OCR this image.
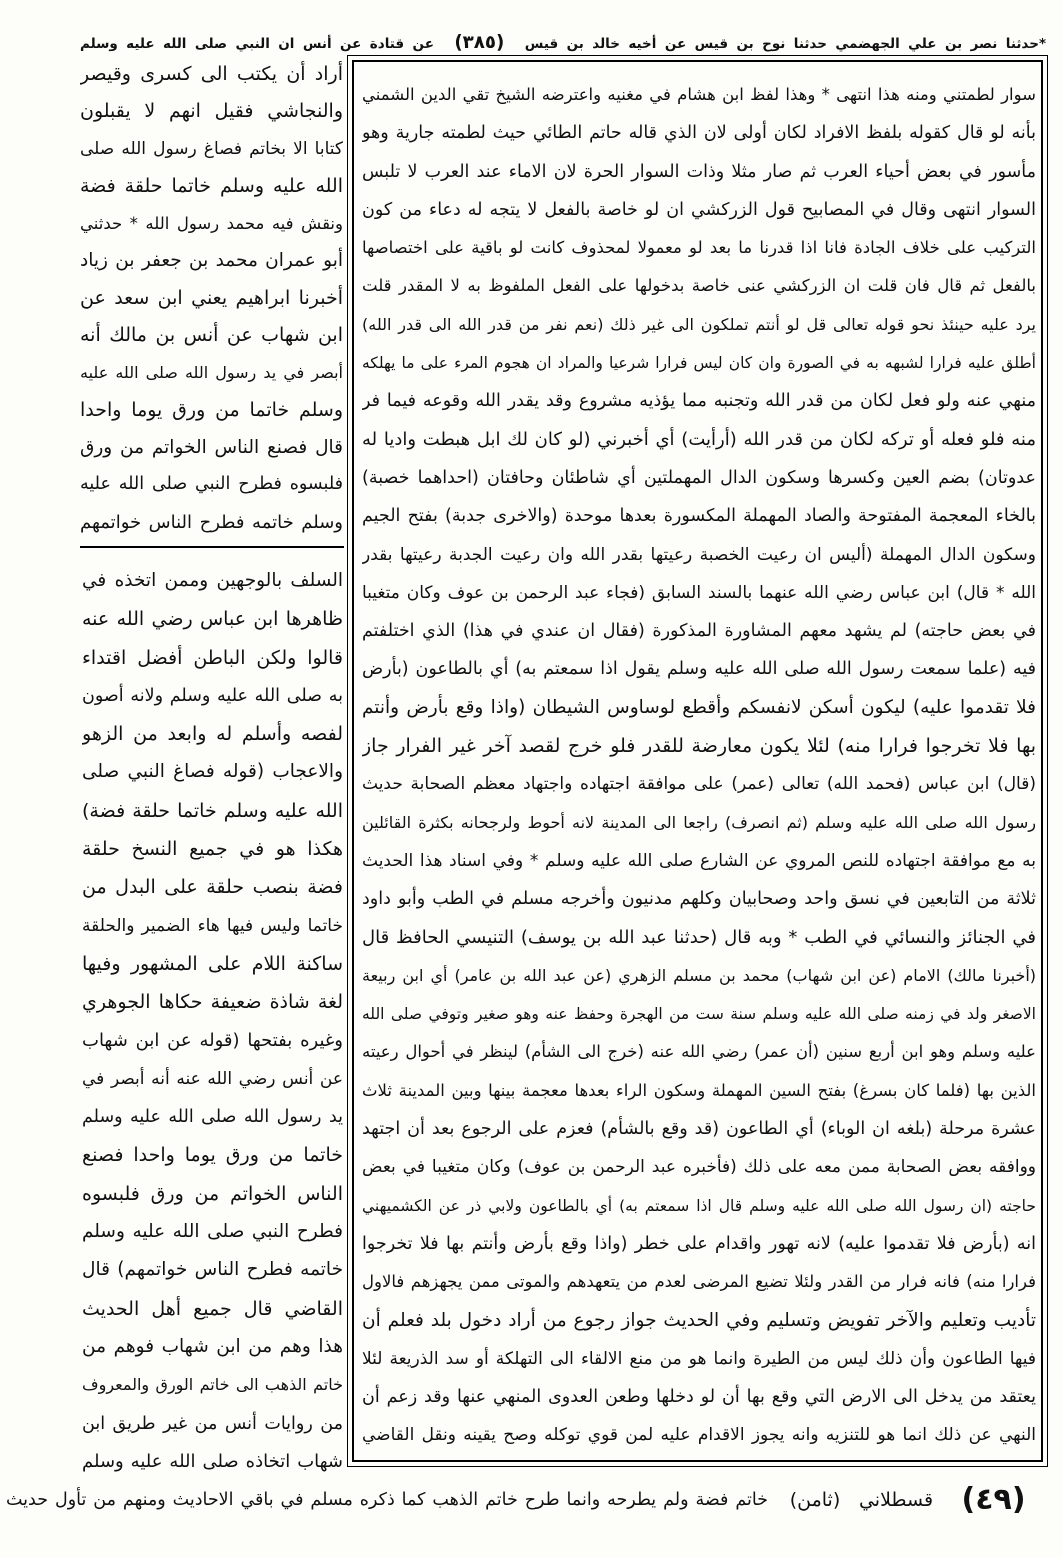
*حدثنا نصر بن علي الجهضمي حدثنا نوح بن قيس عن أخيه خالد بن قيس (٣٨٥) عن قتادة عن أنس ان النبي صلى الله عليه وسلم
سوار لطمتني ومنه هذا انتهى * وهذا لفظ ابن هشام في مغنيه واعترضه الشيخ تقي الدين الشمني
بأنه لو قال كقوله بلفظ الافراد لكان أولى لان الذي قاله حاتم الطائي حيث لطمته جارية وهو
مأسور في بعض أحياء العرب ثم صار مثلا وذات السوار الحرة لان الاماء عند العرب لا تلبس
السوار انتهى وقال في المصابيح قول الزركشي ان لو خاصة بالفعل لا يتجه له دعاء من كون
التركيب على خلاف الجادة فانا اذا قدرنا ما بعد لو معمولا لمحذوف كانت لو باقية على اختصاصها
بالفعل ثم قال فان قلت ان الزركشي عنى خاصة بدخولها على الفعل الملفوظ به لا المقدر قلت
يرد عليه حينئذ نحو قوله تعالى قل لو أنتم تملكون الى غير ذلك (نعم نفر من قدر الله الى قدر الله)
أطلق عليه فرارا لشبهه به في الصورة وان كان ليس فرارا شرعيا والمراد ان هجوم المرء على ما يهلكه
منهي عنه ولو فعل لكان من قدر الله وتجنبه مما يؤذيه مشروع وقد يقدر الله وقوعه فيما فر
منه فلو فعله أو تركه لكان من قدر الله (أرأيت) أي أخبرني (لو كان لك ابل هبطت واديا له
عدوتان) بضم العين وكسرها وسكون الدال المهملتين أي شاطئان وحافتان (احداهما خصبة)
بالخاء المعجمة المفتوحة والصاد المهملة المكسورة بعدها موحدة (والاخرى جدبة) بفتح الجيم
وسكون الدال المهملة (أليس ان رعيت الخصبة رعيتها بقدر الله وان رعيت الجدبة رعيتها بقدر
الله * قال) ابن عباس رضي الله عنهما بالسند السابق (فجاء عبد الرحمن بن عوف وكان متغيبا
في بعض حاجته) لم يشهد معهم المشاورة المذكورة (فقال ان عندي في هذا) الذي اختلفتم
فيه (علما سمعت رسول الله صلى الله عليه وسلم يقول اذا سمعتم به) أي بالطاعون (بأرض
فلا تقدموا عليه) ليكون أسكن لانفسكم وأقطع لوساوس الشيطان (واذا وقع بأرض وأنتم
بها فلا تخرجوا فرارا منه) لئلا يكون معارضة للقدر فلو خرج لقصد آخر غير الفرار جاز
(قال) ابن عباس (فحمد الله) تعالى (عمر) على موافقة اجتهاده واجتهاد معظم الصحابة حديث
رسول الله صلى الله عليه وسلم (ثم انصرف) راجعا الى المدينة لانه أحوط ولرجحانه بكثرة القائلين
به مع موافقة اجتهاده للنص المروي عن الشارع صلى الله عليه وسلم * وفي اسناد هذا الحديث
ثلاثة من التابعين في نسق واحد وصحابيان وكلهم مدنيون وأخرجه مسلم في الطب وأبو داود
في الجنائز والنسائي في الطب * وبه قال (حدثنا عبد الله بن يوسف) التنيسي الحافظ قال
(أخبرنا مالك) الامام (عن ابن شهاب) محمد بن مسلم الزهري (عن عبد الله بن عامر) أي ابن ربيعة
الاصغر ولد في زمنه صلى الله عليه وسلم سنة ست من الهجرة وحفظ عنه وهو صغير وتوفي صلى الله
عليه وسلم وهو ابن أربع سنين (أن عمر) رضي الله عنه (خرج الى الشأم) لينظر في أحوال رعيته
الذين بها (فلما كان بسرغ) بفتح السين المهملة وسكون الراء بعدها معجمة بينها وبين المدينة ثلاث
عشرة مرحلة (بلغه ان الوباء) أي الطاعون (قد وقع بالشأم) فعزم على الرجوع بعد أن اجتهد
ووافقه بعض الصحابة ممن معه على ذلك (فأخبره عبد الرحمن بن عوف) وكان متغيبا في بعض
حاجته (ان رسول الله صلى الله عليه وسلم قال اذا سمعتم به) أي بالطاعون ولابي ذر عن الكشميهني
انه (بأرض فلا تقدموا عليه) لانه تهور واقدام على خطر (واذا وقع بأرض وأنتم بها فلا تخرجوا
فرارا منه) فانه فرار من القدر ولئلا تضيع المرضى لعدم من يتعهدهم والموتى ممن يجهزهم فالاول
تأديب وتعليم والآخر تفويض وتسليم وفي الحديث جواز رجوع من أراد دخول بلد فعلم أن
فيها الطاعون وأن ذلك ليس من الطيرة وانما هو من منع الالقاء الى التهلكة أو سد الذريعة لئلا
يعتقد من يدخل الى الارض التي وقع بها أن لو دخلها وطعن العدوى المنهي عنها وقد زعم أن
النهي عن ذلك انما هو للتنزيه وانه يجوز الاقدام عليه لمن قوي توكله وصح يقينه ونقل القاضي
أراد أن يكتب الى كسرى وقيصر
والنجاشي فقيل انهم لا يقبلون
كتابا الا بخاتم فصاغ رسول الله صلى
الله عليه وسلم خاتما حلقة فضة
ونقش فيه محمد رسول الله * حدثني
أبو عمران محمد بن جعفر بن زياد
أخبرنا ابراهيم يعني ابن سعد عن
ابن شهاب عن أنس بن مالك أنه
أبصر في يد رسول الله صلى الله عليه
وسلم خاتما من ورق يوما واحدا
قال فصنع الناس الخواتم من ورق
فلبسوه فطرح النبي صلى الله عليه
وسلم خاتمه فطرح الناس خواتمهم
السلف بالوجهين وممن اتخذه في
ظاهرها ابن عباس رضي الله عنه
قالوا ولكن الباطن أفضل اقتداء
به صلى الله عليه وسلم ولانه أصون
لفصه وأسلم له وابعد من الزهو
والاعجاب (قوله فصاغ النبي صلى
الله عليه وسلم خاتما حلقة فضة)
هكذا هو في جميع النسخ حلقة
فضة بنصب حلقة على البدل من
خاتما وليس فيها هاء الضمير والحلقة
ساكنة اللام على المشهور وفيها
لغة شاذة ضعيفة حكاها الجوهري
وغيره بفتحها (قوله عن ابن شهاب
عن أنس رضي الله عنه أنه أبصر في
يد رسول الله صلى الله عليه وسلم
خاتما من ورق يوما واحدا فصنع
الناس الخواتم من ورق فلبسوه
فطرح النبي صلى الله عليه وسلم
خاتمه فطرح الناس خواتمهم) قال
القاضي قال جميع أهل الحديث
هذا وهم من ابن شهاب فوهم من
خاتم الذهب الى خاتم الورق والمعروف
من روايات أنس من غير طريق ابن
شهاب اتخاذه صلى الله عليه وسلم
(٤٩)
قسطلاني
(ثامن)
خاتم فضة ولم يطرحه وانما طرح خاتم الذهب كما ذكره مسلم في باقي الاحاديث ومنهم من تأول حديث
